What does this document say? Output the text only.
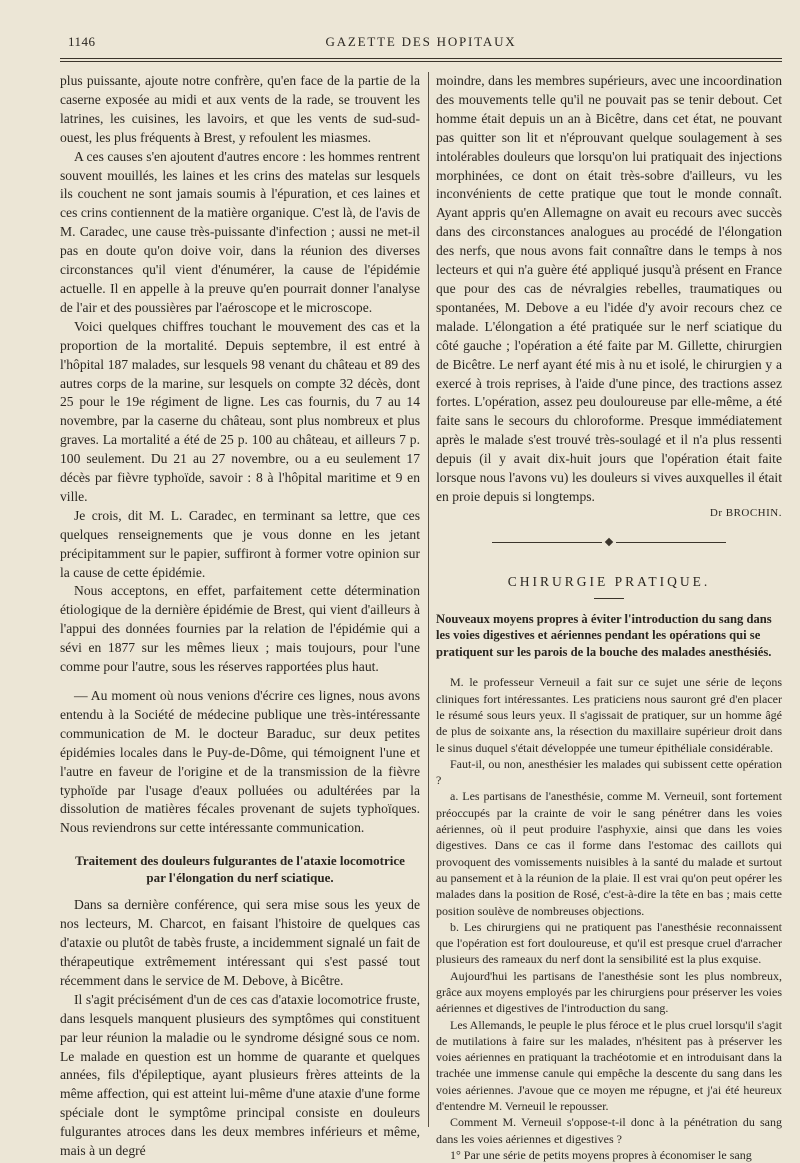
1146	GAZETTE DES HOPITAUX

plus puissante, ajoute notre confrère, qu'en face de la partie de la caserne exposée au midi et aux vents de la rade, se trouvent les latrines, les cuisines, les lavoirs, et que les vents de sud-sud-ouest, les plus fréquents à Brest, y refoulent les miasmes.

A ces causes s'en ajoutent d'autres encore : les hommes rentrent souvent mouillés, les laines et les crins des matelas sur lesquels ils couchent ne sont jamais soumis à l'épuration, et ces laines et ces crins contiennent de la matière organique. C'est là, de l'avis de M. Caradec, une cause très-puissante d'infection ; aussi ne met-il pas en doute qu'on doive voir, dans la réunion des diverses circonstances qu'il vient d'énumérer, la cause de l'épidémie actuelle. Il en appelle à la preuve qu'en pourrait donner l'analyse de l'air et des poussières par l'aéroscope et le microscope.

Voici quelques chiffres touchant le mouvement des cas et la proportion de la mortalité. Depuis septembre, il est entré à l'hôpital 187 malades, sur lesquels 98 venant du château et 89 des autres corps de la marine, sur lesquels on compte 32 décès, dont 25 pour le 19e régiment de ligne. Les cas fournis, du 7 au 14 novembre, par la caserne du château, sont plus nombreux et plus graves. La mortalité a été de 25 p. 100 au château, et ailleurs 7 p. 100 seulement. Du 21 au 27 novembre, ou a eu seulement 17 décès par fièvre typhoïde, savoir : 8 à l'hôpital maritime et 9 en ville.

Je crois, dit M. L. Caradec, en terminant sa lettre, que ces quelques renseignements que je vous donne en les jetant précipitamment sur le papier, suffiront à former votre opinion sur la cause de cette épidémie.

Nous acceptons, en effet, parfaitement cette détermination étiologique de la dernière épidémie de Brest, qui vient d'ailleurs à l'appui des données fournies par la relation de l'épidémie qui a sévi en 1877 sur les mêmes lieux ; mais toujours, pour l'une comme pour l'autre, sous les réserves rapportées plus haut.

— Au moment où nous venions d'écrire ces lignes, nous avons entendu à la Société de médecine publique une très-intéressante communication de M. le docteur Baraduc, sur deux petites épidémies locales dans le Puy-de-Dôme, qui témoignent l'une et l'autre en faveur de l'origine et de la transmission de la fièvre typhoïde par l'usage d'eaux polluées ou adultérées par la dissolution de matières fécales provenant de sujets typhoïques. Nous reviendrons sur cette intéressante communication.

Traitement des douleurs fulgurantes de l'ataxie locomotrice par l'élongation du nerf sciatique.

Dans sa dernière conférence, qui sera mise sous les yeux de nos lecteurs, M. Charcot, en faisant l'histoire de quelques cas d'ataxie ou plutôt de tabès fruste, a incidemment signalé un fait de thérapeutique extrêmement intéressant qui s'est passé tout récemment dans le service de M. Debove, à Bicêtre.

Il s'agit précisément d'un de ces cas d'ataxie locomotrice fruste, dans lesquels manquent plusieurs des symptômes qui constituent par leur réunion la maladie ou le syndrome désigné sous ce nom. Le malade en question est un homme de quarante et quelques années, fils d'épileptique, ayant plusieurs frères atteints de la même affection, qui est atteint lui-même d'une ataxie d'une forme spéciale dont le symptôme principal consiste en douleurs fulgurantes atroces dans les deux membres inférieurs et même, mais à un degré

moindre, dans les membres supérieurs, avec une incoordination des mouvements telle qu'il ne pouvait pas se tenir debout. Cet homme était depuis un an à Bicêtre, dans cet état, ne pouvant pas quitter son lit et n'éprouvant quelque soulagement à ses intolérables douleurs que lorsqu'on lui pratiquait des injections morphinées, ce dont on était très-sobre d'ailleurs, vu les inconvénients de cette pratique que tout le monde connaît. Ayant appris qu'en Allemagne on avait eu recours avec succès dans des circonstances analogues au procédé de l'élongation des nerfs, que nous avons fait connaître dans le temps à nos lecteurs et qui n'a guère été appliqué jusqu'à présent en France que pour des cas de névralgies rebelles, traumatiques ou spontanées, M. Debove a eu l'idée d'y avoir recours chez ce malade. L'élongation a été pratiquée sur le nerf sciatique du côté gauche ; l'opération a été faite par M. Gillette, chirurgien de Bicêtre. Le nerf ayant été mis à nu et isolé, le chirurgien y a exercé à trois reprises, à l'aide d'une pince, des tractions assez fortes. L'opération, assez peu douloureuse par elle-même, a été faite sans le secours du chloroforme. Presque immédiatement après le malade s'est trouvé très-soulagé et il n'a plus ressenti depuis (il y avait dix-huit jours que l'opération était faite lorsque nous l'avons vu) les douleurs si vives auxquelles il était en proie depuis si longtemps.

Dr BROCHIN.
CHIRURGIE PRATIQUE.

Nouveaux moyens propres à éviter l'introduction du sang dans les voies digestives et aériennes pendant les opérations qui se pratiquent sur les parois de la bouche des malades anesthésiés.

M. le professeur Verneuil a fait sur ce sujet une série de leçons cliniques fort intéressantes. Les praticiens nous sauront gré d'en placer le résumé sous leurs yeux. Il s'agissait de pratiquer, sur un homme âgé de plus de soixante ans, la résection du maxillaire supérieur droit dans le sinus duquel s'était développée une tumeur épithéliale considérable.

Faut-il, ou non, anesthésier les malades qui subissent cette opération ?

a. Les partisans de l'anesthésie, comme M. Verneuil, sont fortement préoccupés par la crainte de voir le sang pénétrer dans les voies aériennes, où il peut produire l'asphyxie, ainsi que dans les voies digestives. Dans ce cas il forme dans l'estomac des caillots qui provoquent des vomissements nuisibles à la santé du malade et surtout au pansement et à la réunion de la plaie. Il est vrai qu'on peut opérer les malades dans la position de Rosé, c'est-à-dire la tête en bas ; mais cette position soulève de nombreuses objections.

b. Les chirurgiens qui ne pratiquent pas l'anesthésie reconnaissent que l'opération est fort douloureuse, et qu'il est presque cruel d'arracher plusieurs des rameaux du nerf dont la sensibilité est la plus exquise.

Aujourd'hui les partisans de l'anesthésie sont les plus nombreux, grâce aux moyens employés par les chirurgiens pour préserver les voies aériennes et digestives de l'introduction du sang.

Les Allemands, le peuple le plus féroce et le plus cruel lorsqu'il s'agit de mutilations à faire sur les malades, n'hésitent pas à préserver les voies aériennes en pratiquant la trachéotomie et en introduisant dans la trachée une immense canule qui empêche la descente du sang dans les voies aériennes. J'avoue que ce moyen me répugne, et j'ai été heureux d'entendre M. Verneuil le repousser.

Comment M. Verneuil s'oppose-t-il donc à la pénétration du sang dans les voies aériennes et digestives ?

1° Par une série de petits moyens propres à économiser le sang
